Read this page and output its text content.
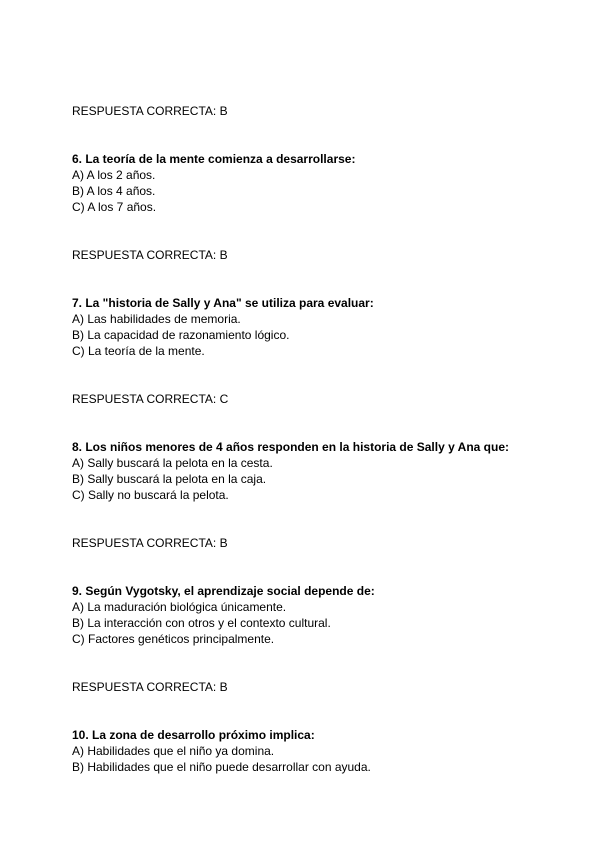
RESPUESTA CORRECTA: B
6. La teoría de la mente comienza a desarrollarse:
A) A los 2 años.
B) A los 4 años.
C) A los 7 años.
RESPUESTA CORRECTA: B
7. La "historia de Sally y Ana" se utiliza para evaluar:
A) Las habilidades de memoria.
B) La capacidad de razonamiento lógico.
C) La teoría de la mente.
RESPUESTA CORRECTA: C
8. Los niños menores de 4 años responden en la historia de Sally y Ana que:
A) Sally buscará la pelota en la cesta.
B) Sally buscará la pelota en la caja.
C) Sally no buscará la pelota.
RESPUESTA CORRECTA: B
9. Según Vygotsky, el aprendizaje social depende de:
A) La maduración biológica únicamente.
B) La interacción con otros y el contexto cultural.
C) Factores genéticos principalmente.
RESPUESTA CORRECTA: B
10. La zona de desarrollo próximo implica:
A) Habilidades que el niño ya domina.
B) Habilidades que el niño puede desarrollar con ayuda.
